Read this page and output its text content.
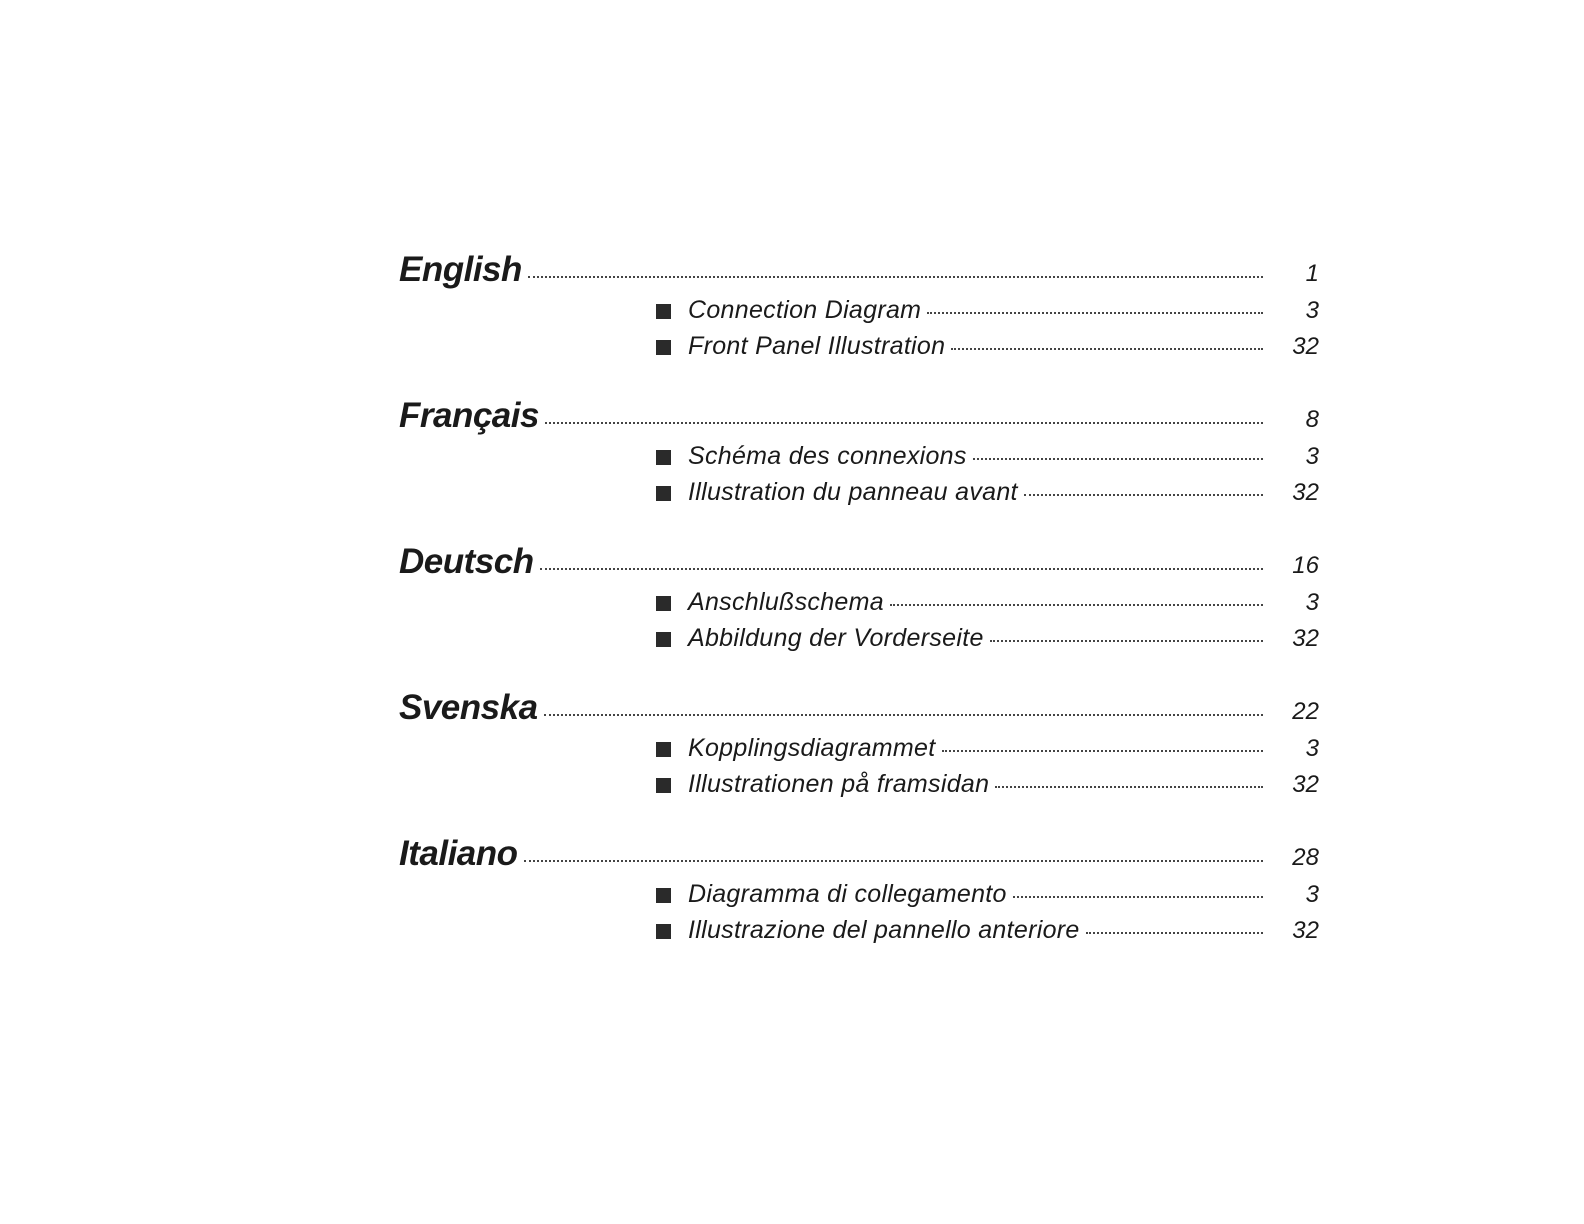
English	1
Connection Diagram	3
Front Panel Illustration	32
Français	8
Schéma des connexions	3
Illustration du panneau avant	32
Deutsch	16
Anschlußschema	3
Abbildung der Vorderseite	32
Svenska	22
Kopplingsdiagrammet	3
Illustrationen på framsidan	32
Italiano	28
Diagramma di collegamento	3
Illustrazione del pannello anteriore	32
